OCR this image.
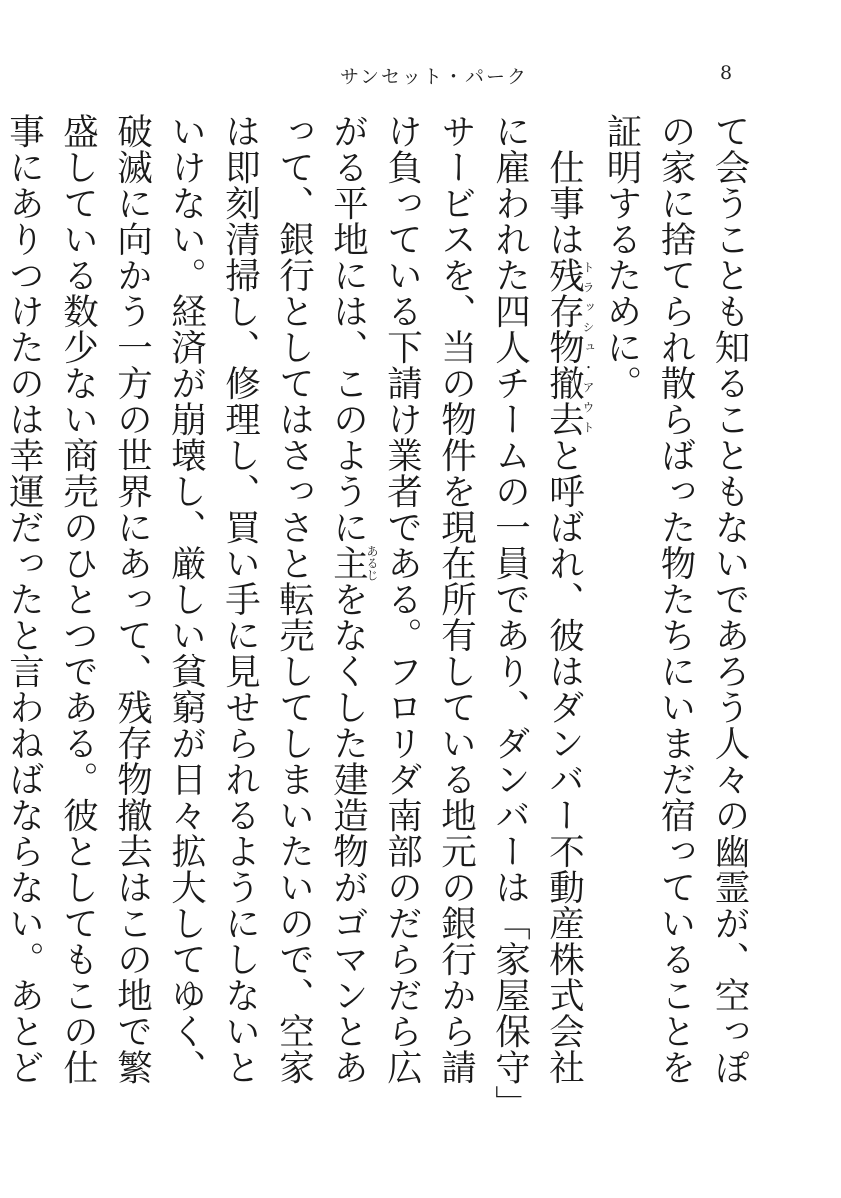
サンセット・パーク	8

て会うことも知ることもないであろう人々の幽霊が、空っぽの家に捨てられ散らばった物たちにいまだ宿っていることを証明するために。

仕事は残存物撤去トラッシュ・アウトと呼ばれ、彼はダンバー不動産株式会社に雇われた四人チームの一員であり、ダンバーは「家屋保守」サービスを、当の物件を現在所有している地元の銀行から請け負っている下請け業者である。フロリダ南部のだらだら広がる平地には、このように主あるじをなくした建造物がゴマンとあって、銀行としてはさっさと転売してしまいたいので、空家は即刻清掃し、修理し、買い手に見せられるようにしないといけない。経済が崩壊し、厳しい貧窮が日々拡大してゆく、破滅に向かう一方の世界にあって、残存物撤去はこの地で繁盛している数少ない商売のひとつである。彼としてもこの仕事にありつけたのは幸運だったと言わねばならない。あとど
